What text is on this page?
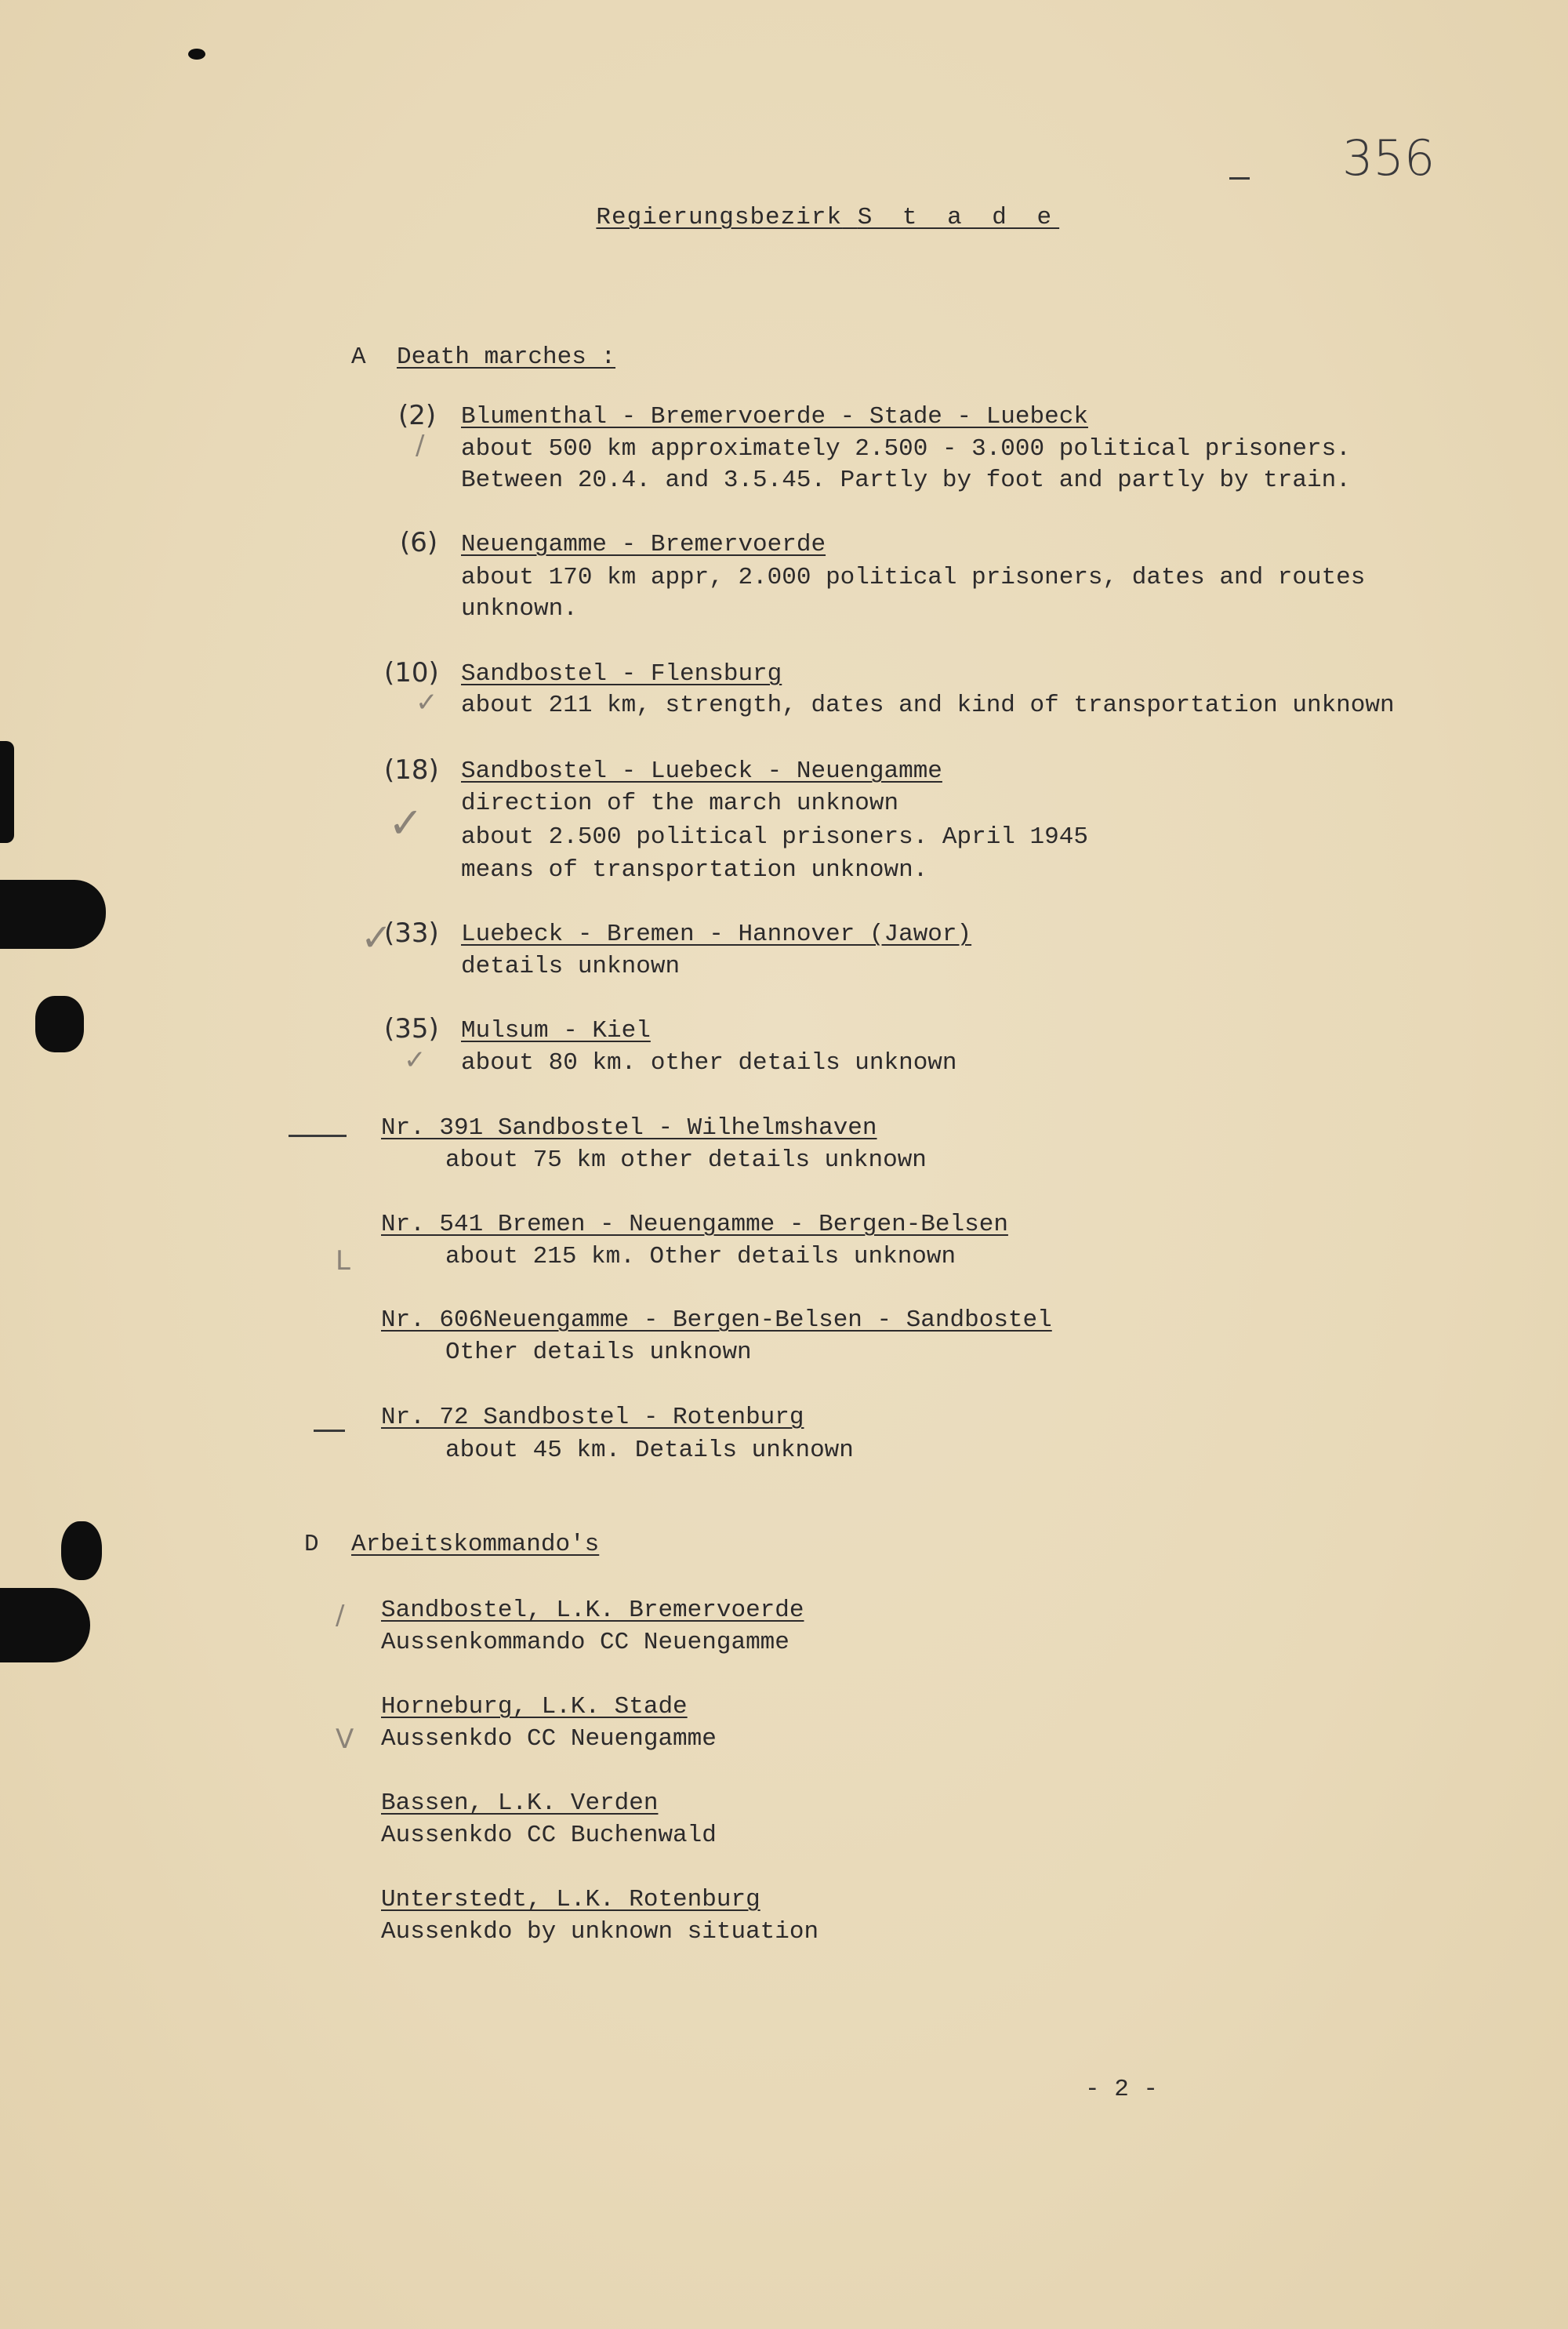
Regierungsbezirk S t a d e

356
A Death marches :
(2) Blumenthal - Bremervoerde - Stade - Luebeck
about 500 km approximately 2.500 - 3.000 political prisoners.
Between 20.4. and 3.5.45. Partly by foot and partly by train.
/
(6) Neuengamme - Bremervoerde
about 170 km appr, 2.000 political prisoners, dates and routes
unknown.
(10) Sandbostel - Flensburg
about 211 km, strength, dates and kind of transportation unknown
✓
(18) Sandbostel - Luebeck - Neuengamme
direction of the march unknown
about 2.500 political prisoners. April 1945
means of transportation unknown.
✓
(33) Luebeck - Bremen - Hannover (Jawor)
details unknown
✓
(35) Mulsum - Kiel
about 80 km. other details unknown
✓
Nr. 391 Sandbostel - Wilhelmshaven
about 75 km other details unknown
Nr. 541 Bremen - Neuengamme - Bergen-Belsen
about 215 km. Other details unknown
L
Nr. 606Neuengamme - Bergen-Belsen - Sandbostel
Other details unknown
Nr. 72 Sandbostel - Rotenburg
about 45 km. Details unknown
D Arbeitskommando's
Sandbostel, L.K. Bremervoerde
Aussenkommando CC Neuengamme
/
Horneburg, L.K. Stade
Aussenkdo CC Neuengamme
V
Bassen, L.K. Verden
Aussenkdo CC Buchenwald
Unterstedt, L.K. Rotenburg
Aussenkdo by unknown situation
- 2 -
